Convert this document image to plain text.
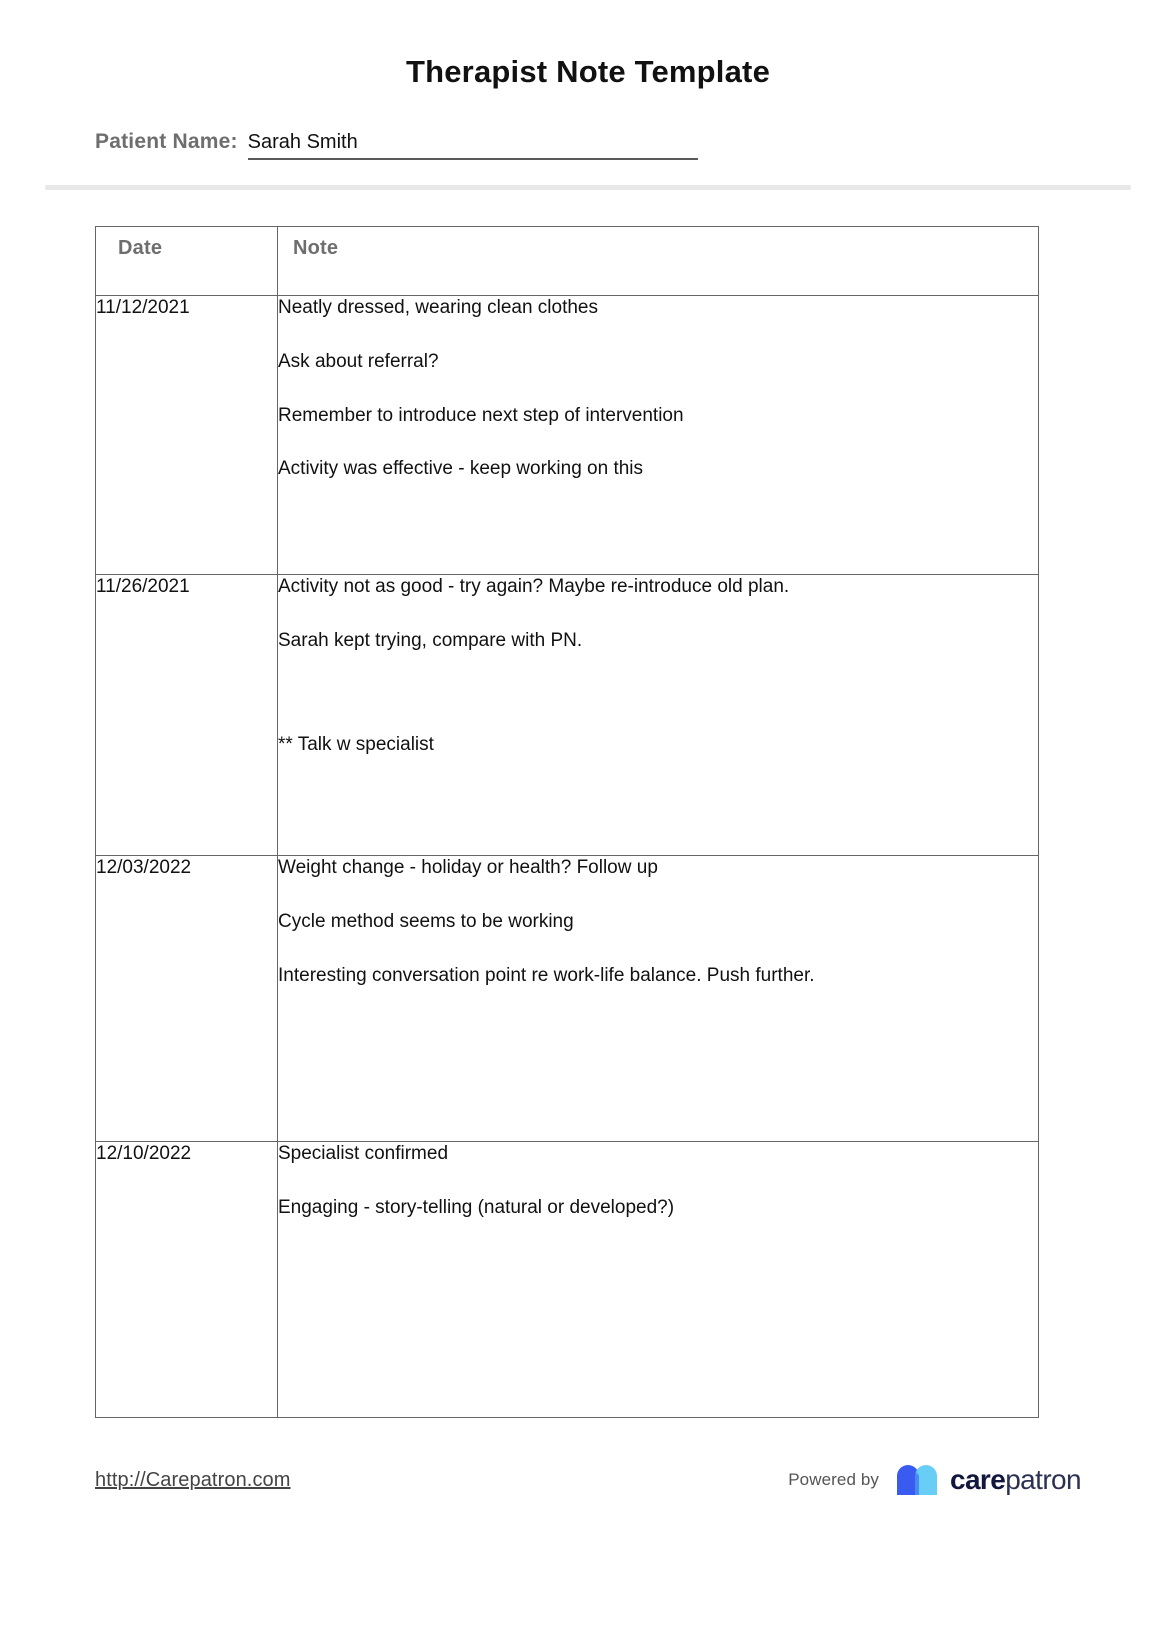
Therapist Note Template
Patient Name: Sarah Smith
Date	Note
11/12/2021	Neatly dressed, wearing clean clothes
Ask about referral?
Remember to introduce next step of intervention
Activity was effective - keep working on this

11/26/2021	Activity not as good - try again? Maybe re-introduce old plan.
Sarah kept trying, compare with PN.
** Talk w specialist

12/03/2022	Weight change - holiday or health? Follow up
Cycle method seems to be working
Interesting conversation point re work-life balance. Push further.

12/10/2022	Specialist confirmed
Engaging - story-telling (natural or developed?)
http://Carepatron.com	Powered by	carepatron
